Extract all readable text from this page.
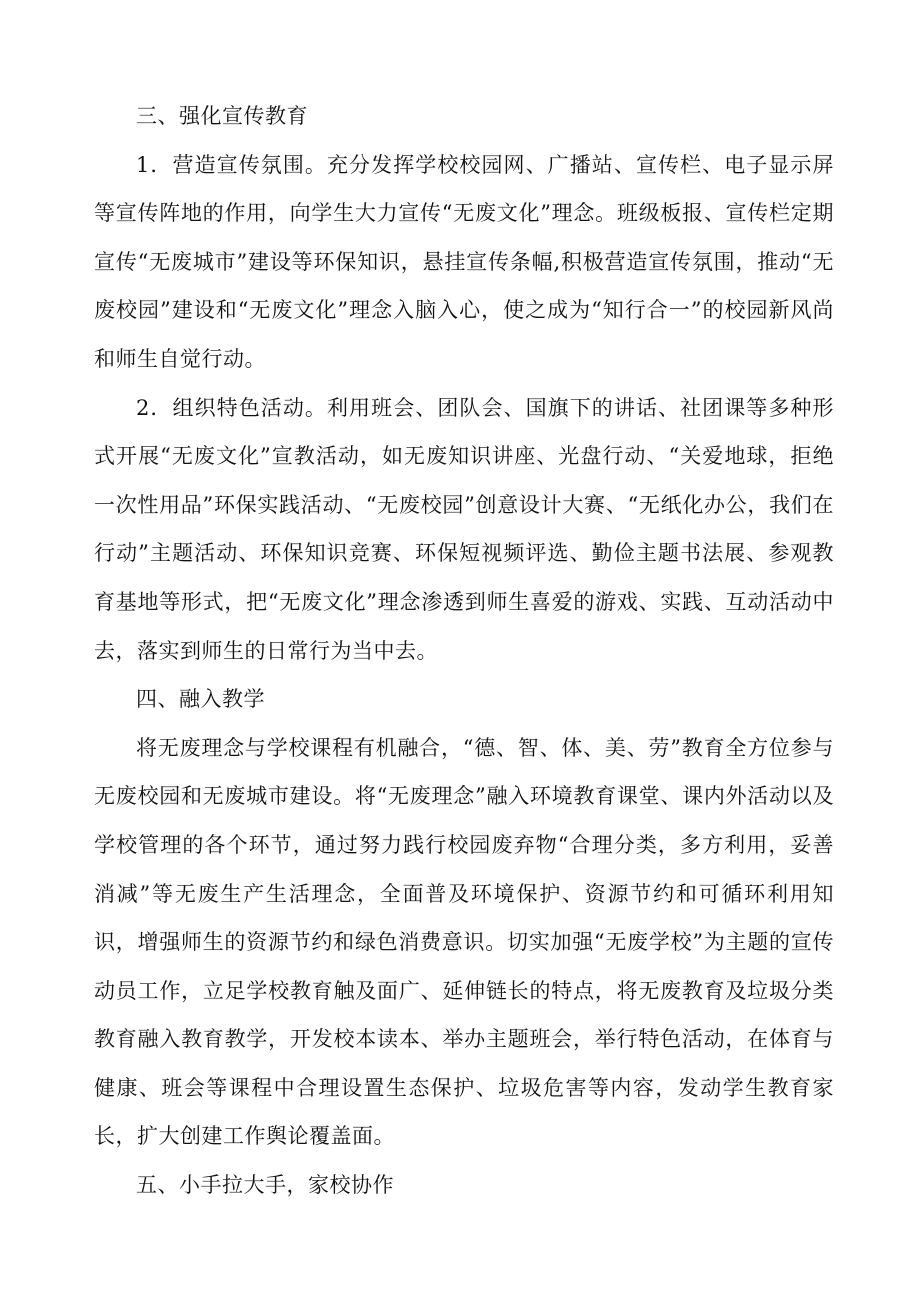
三、强化宣传教育

1．营造宣传氛围。充分发挥学校校园网、广播站、宣传栏、电子显示屏等宣传阵地的作用，向学生大力宣传“无废文化”理念。班级板报、宣传栏定期宣传“无废城市”建设等环保知识，悬挂宣传条幅,积极营造宣传氛围，推动“无废校园”建设和“无废文化”理念入脑入心，使之成为“知行合一”的校园新风尚和师生自觉行动。

2．组织特色活动。利用班会、团队会、国旗下的讲话、社团课等多种形式开展“无废文化”宣教活动，如无废知识讲座、光盘行动、“关爱地球，拒绝一次性用品”环保实践活动、“无废校园”创意设计大赛、“无纸化办公，我们在行动”主题活动、环保知识竞赛、环保短视频评选、勤俭主题书法展、参观教育基地等形式，把“无废文化”理念渗透到师生喜爱的游戏、实践、互动活动中去，落实到师生的日常行为当中去。

四、融入教学

将无废理念与学校课程有机融合，“德、智、体、美、劳”教育全方位参与无废校园和无废城市建设。将“无废理念”融入环境教育课堂、课内外活动以及学校管理的各个环节，通过努力践行校园废弃物“合理分类，多方利用，妥善消减”等无废生产生活理念，全面普及环境保护、资源节约和可循环利用知识，增强师生的资源节约和绿色消费意识。切实加强“无废学校”为主题的宣传动员工作，立足学校教育触及面广、延伸链长的特点，将无废教育及垃圾分类教育融入教育教学，开发校本读本、举办主题班会，举行特色活动，在体育与健康、班会等课程中合理设置生态保护、垃圾危害等内容，发动学生教育家长，扩大创建工作舆论覆盖面。

五、小手拉大手，家校协作
